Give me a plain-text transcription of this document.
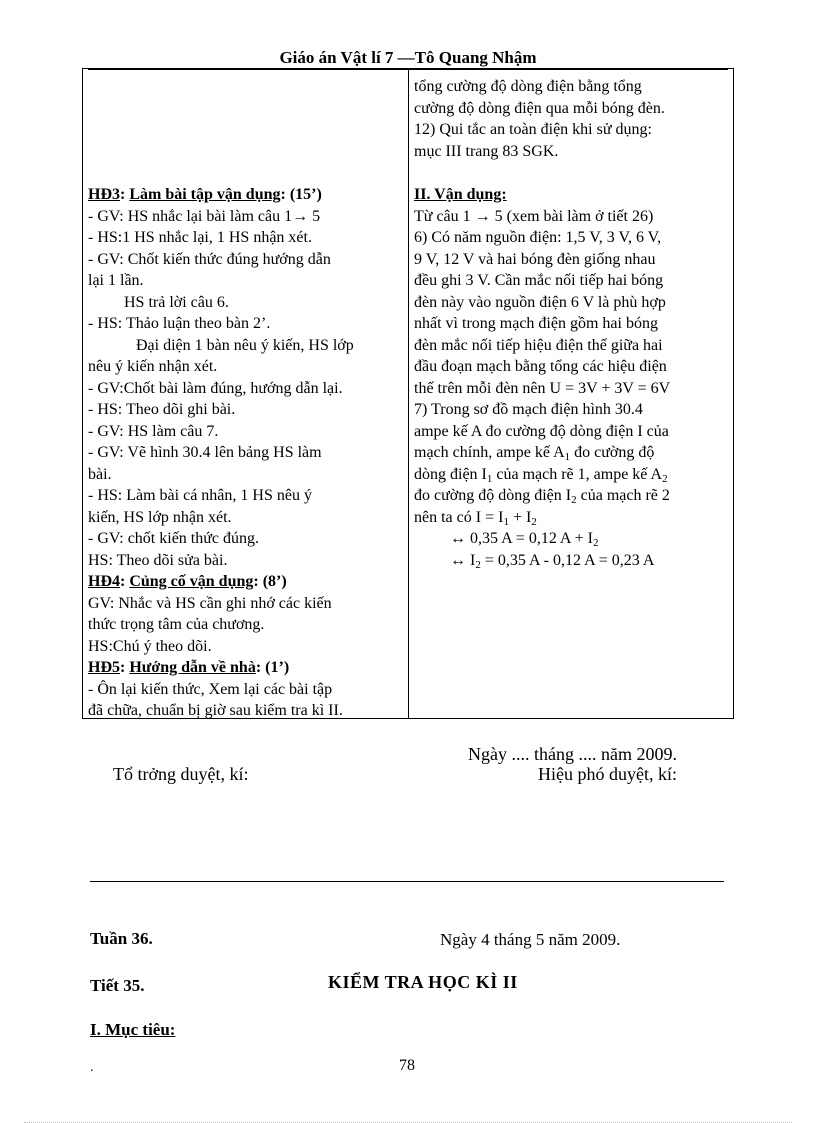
Giáo án Vật lí 7 —Tô Quang Nhậm
HĐ3: Làm bài tập vận dụng: (15’)
- GV: HS nhắc lại bài làm câu 1→ 5
- HS:1 HS nhắc lại, 1 HS nhận xét.
- GV: Chốt kiến thức đúng hướng dẫn
lại 1 lần.
HS trả lời câu 6.
- HS: Thảo luận theo bàn 2’.
Đại diện 1 bàn nêu ý kiến, HS lớp
nêu ý kiến nhận xét.
- GV:Chốt bài làm đúng, hướng dẫn lại.
- HS: Theo dõi ghi bài.
- GV: HS làm câu 7.
- GV: Vẽ hình 30.4 lên bảng HS làm
bài.
- HS: Làm bài cá nhân, 1 HS nêu ý
kiến, HS lớp nhận xét.
- GV: chốt kiến thức đúng.
HS: Theo dõi sửa bài.
HĐ4: Củng cố vận dụng: (8’)
GV: Nhắc và HS cần ghi nhớ các kiến
thức trọng tâm của chương.
HS:Chú ý theo dõi.
HĐ5: Hướng dẫn về nhà: (1’)
- Ôn lại kiến thức, Xem lại các bài tập
đã chữa, chuẩn bị giờ sau kiểm tra kì II.
tổng cường độ dòng điện bằng tổng
cường độ dòng điện qua mỗi bóng đèn.
12) Qui tắc an toàn điện khi sử dụng:
mục III trang 83 SGK.
II. Vận dụng:
Từ câu 1 → 5 (xem bài làm ở tiết 26)
6) Có năm nguồn điện: 1,5 V, 3 V, 6 V,
9 V, 12 V và hai bóng đèn giống nhau
đều ghi 3 V. Cần mắc nối tiếp hai bóng
đèn này vào nguồn điện 6 V là phù hợp
nhất vì trong mạch điện gồm hai bóng
đèn mắc nối tiếp hiệu điện thế giữa hai
đầu đoạn mạch bằng tổng các hiệu điện
thế trên mỗi đèn nên U = 3V + 3V = 6V
7) Trong sơ đồ mạch điện hình 30.4
ampe kế A đo cường độ dòng điện I của
mạch chính, ampe kế $A_1$ đo cường độ
dòng điện $I_1$ của mạch rẽ 1, ampe kế $A_2$
đo cường độ dòng điện $I_2$ của mạch rẽ 2
nên ta có $I = I_1 + I_2$
↔ 0,35 A = 0,12 $A + I_2$
↔ $I_2 = 0,35$ A - 0,12 A = 0,23 A
Ngày .... tháng .... năm 2009.
Tổ trởng duyệt, kí:	Hiệu phó duyệt, kí:
Tuần 36.	Ngày 4 tháng 5 năm 2009.
Tiết 35.	KIỂM TRA HỌC KÌ II
I. Mục tiêu:
.	78
